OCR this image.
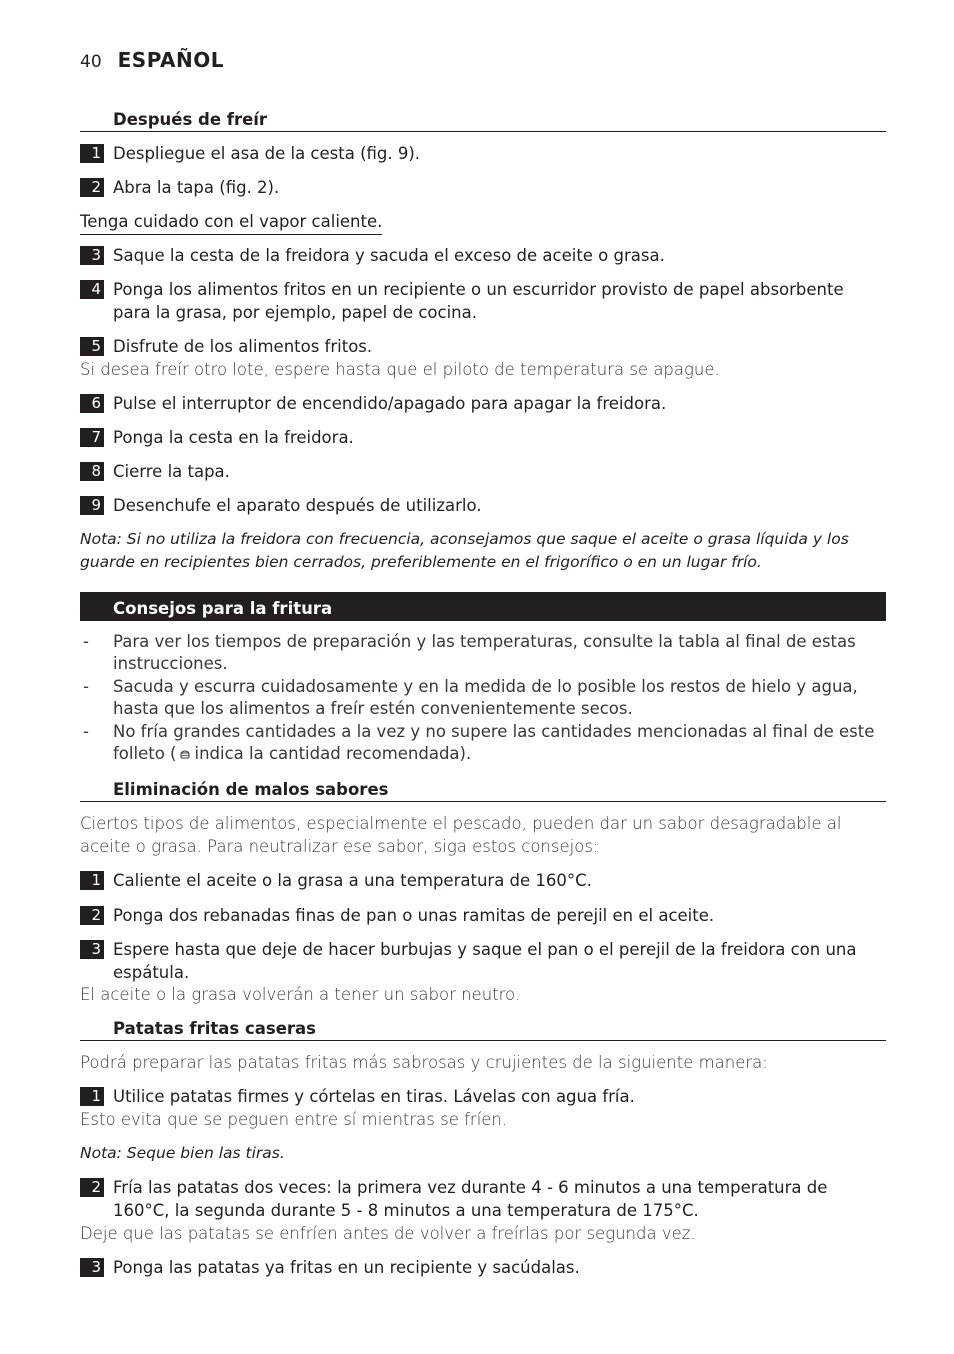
40 ESPAÑOL
Después de freír
1 Despliegue el asa de la cesta (fig. 9).
2 Abra la tapa (fig. 2).
Tenga cuidado con el vapor caliente.
3 Saque la cesta de la freidora y sacuda el exceso de aceite o grasa.
4 Ponga los alimentos fritos en un recipiente o un escurridor provisto de papel absorbente para la grasa, por ejemplo, papel de cocina.
5 Disfrute de los alimentos fritos.
Si desea freír otro lote, espere hasta que el piloto de temperatura se apague.
6 Pulse el interruptor de encendido/apagado para apagar la freidora.
7 Ponga la cesta en la freidora.
8 Cierre la tapa.
9 Desenchufe el aparato después de utilizarlo.
Nota: Si no utiliza la freidora con frecuencia, aconsejamos que saque el aceite o grasa líquida y los guarde en recipientes bien cerrados, preferiblemente en el frigorífico o en un lugar frío.
Consejos para la fritura
- Para ver los tiempos de preparación y las temperaturas, consulte la tabla al final de estas instrucciones.
- Sacuda y escurra cuidadosamente y en la medida de lo posible los restos de hielo y agua, hasta que los alimentos a freír estén convenientemente secos.
- No fría grandes cantidades a la vez y no supere las cantidades mencionadas al final de este folleto ( indica la cantidad recomendada).
Eliminación de malos sabores
Ciertos tipos de alimentos, especialmente el pescado, pueden dar un sabor desagradable al aceite o grasa. Para neutralizar ese sabor, siga estos consejos:
1 Caliente el aceite o la grasa a una temperatura de 160°C.
2 Ponga dos rebanadas finas de pan o unas ramitas de perejil en el aceite.
3 Espere hasta que deje de hacer burbujas y saque el pan o el perejil de la freidora con una espátula.
El aceite o la grasa volverán a tener un sabor neutro.
Patatas fritas caseras
Podrá preparar las patatas fritas más sabrosas y crujientes de la siguiente manera:
1 Utilice patatas firmes y córtelas en tiras. Lávelas con agua fría.
Esto evita que se peguen entre sí mientras se fríen.
Nota: Seque bien las tiras.
2 Fría las patatas dos veces: la primera vez durante 4 - 6 minutos a una temperatura de 160°C, la segunda durante 5 - 8 minutos a una temperatura de 175°C.
Deje que las patatas se enfríen antes de volver a freírlas por segunda vez.
3 Ponga las patatas ya fritas en un recipiente y sacúdalas.
